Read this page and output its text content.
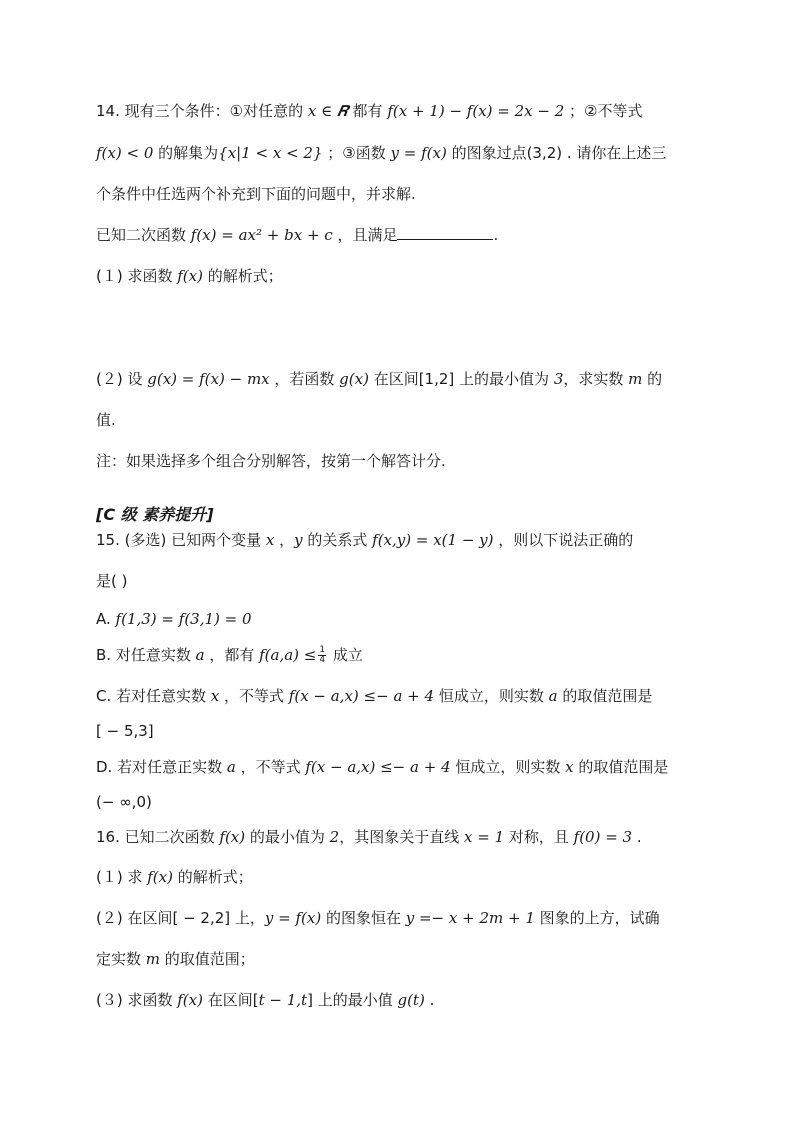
14. 现有三个条件：①对任意的 x ∈ 𝑹 都有 f(x + 1) − f(x) = 2x − 2 ；②不等式
f(x) < 0 的解集为{x|1 < x < 2} ；③函数 y = f(x) 的图象过点(3,2) . 请你在上述三
个条件中任选两个补充到下面的问题中，并求解.
已知二次函数 f(x) = ax² + bx + c ，且满足	.
(１) 求函数 f(x) 的解析式；
(２) 设 g(x) = f(x) − mx ，若函数 g(x) 在区间[1,2] 上的最小值为 3，求实数 m 的
值.
注：如果选择多个组合分别解答，按第一个解答计分.
[C 级 素养提升]
15. (多选) 已知两个变量 x ，y 的关系式 f(x,y) = x(1 − y) ，则以下说法正确的
是( )
A. f(1,3) = f(3,1) = 0
B. 对任意实数 a ，都有 $f(a,a) \le \frac{1}{4}$ 成立
C. 若对任意实数 x ，不等式 f(x − a,x) ≤− a + 4 恒成立，则实数 a 的取值范围是
[ − 5,3]
D. 若对任意正实数 a ，不等式 f(x − a,x) ≤− a + 4 恒成立，则实数 x 的取值范围是
(− ∞,0)
16. 已知二次函数 f(x) 的最小值为 2，其图象关于直线 x = 1 对称，且 f(0) = 3 .
(１) 求 f(x) 的解析式；
(２) 在区间[ − 2,2] 上，y = f(x) 的图象恒在 y =− x + 2m + 1 图象的上方，试确
定实数 m 的取值范围；
(３) 求函数 f(x) 在区间[t − 1,t] 上的最小值 g(t) .
